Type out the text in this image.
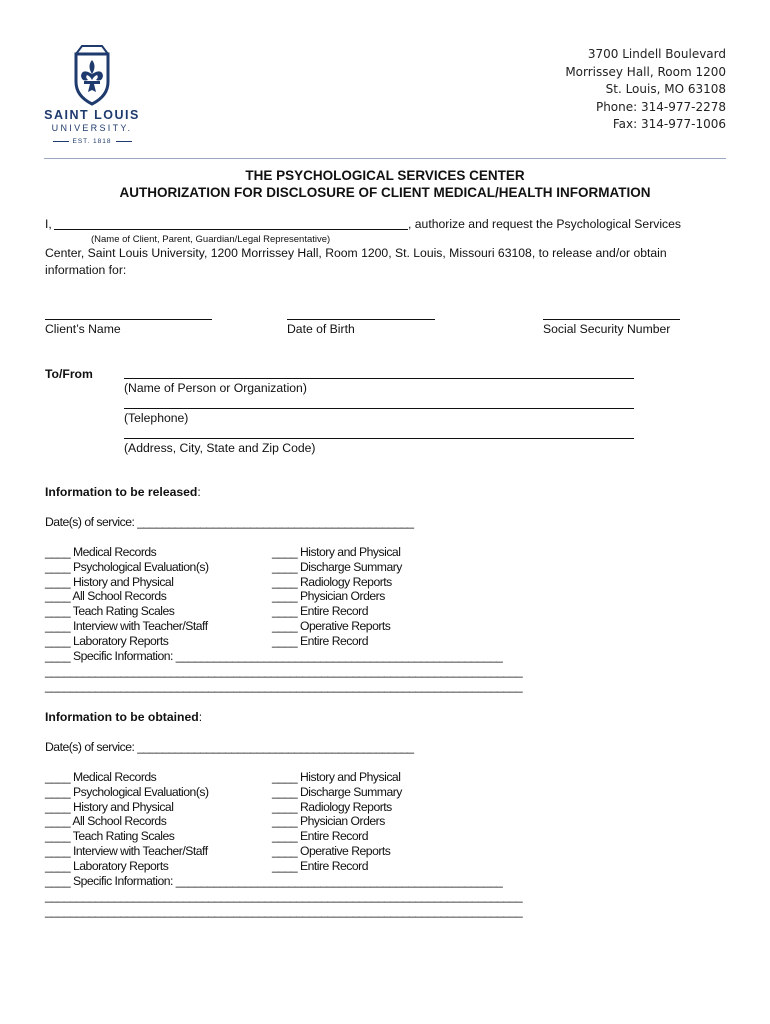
SAINT LOUIS
UNIVERSITY.
EST. 1818
3700 Lindell Boulevard
Morrissey Hall, Room 1200
St. Louis, MO 63108
Phone: 314-977-2278
Fax: 314-977-1006
THE PSYCHOLOGICAL SERVICES CENTER
AUTHORIZATION FOR DISCLOSURE OF CLIENT MEDICAL/HEALTH INFORMATION
I,	, authorize and request the Psychological Services
(Name of Client, Parent, Guardian/Legal Representative)
Center, Saint Louis University, 1200 Morrissey Hall, Room 1200, St. Louis, Missouri 63108, to release and/or obtain
information for:
Client’s Name	Date of Birth	Social Security Number
To/From
(Name of Person or Organization)
(Telephone)
(Address, City, State and Zip Code)
Information to be released:
Date(s) of service: ____________________________________________
____ Medical Records
____ Psychological Evaluation(s)
____ History and Physical
____ All School Records
____ Teach Rating Scales
____ Interview with Teacher/Staff
____ Laboratory Reports
____ History and Physical
____ Discharge Summary
____ Radiology Reports
____ Physician Orders
____ Entire Record
____ Operative Reports
____ Entire Record
____ Specific Information: ____________________________________________________
____________________________________________________________________________
____________________________________________________________________________
Information to be obtained:
Date(s) of service: ____________________________________________
____ Medical Records
____ Psychological Evaluation(s)
____ History and Physical
____ All School Records
____ Teach Rating Scales
____ Interview with Teacher/Staff
____ Laboratory Reports
____ History and Physical
____ Discharge Summary
____ Radiology Reports
____ Physician Orders
____ Entire Record
____ Operative Reports
____ Entire Record
____ Specific Information: ____________________________________________________
____________________________________________________________________________
____________________________________________________________________________
